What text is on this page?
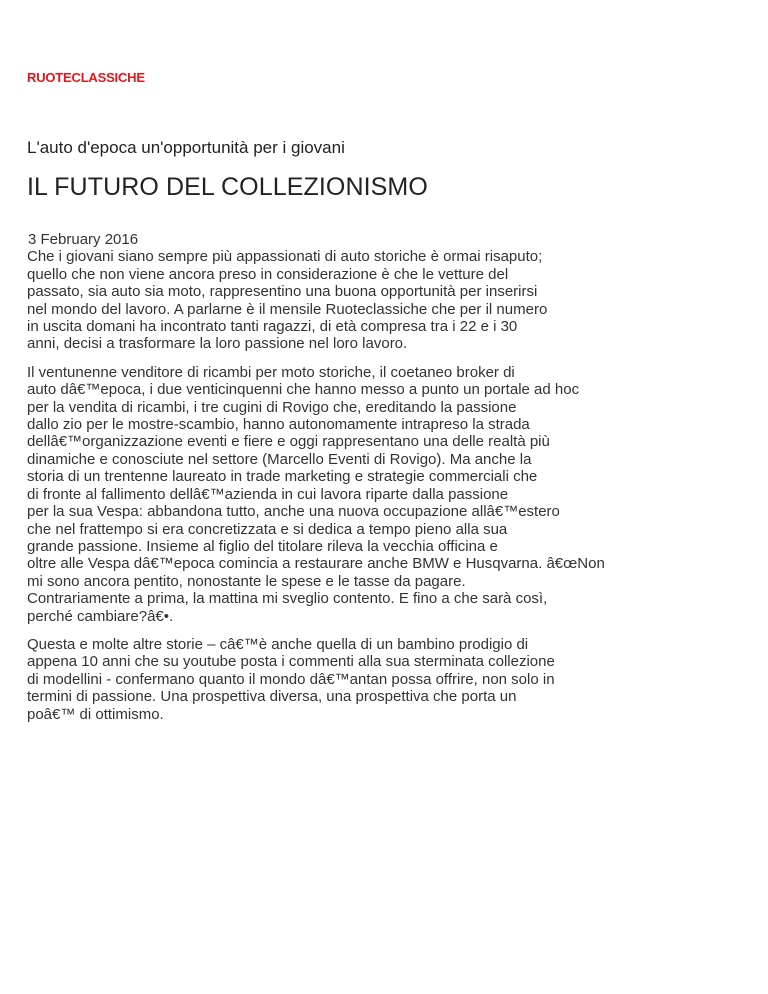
RUOTECLASSICHE
L'auto d'epoca un'opportunità per i giovani
IL FUTURO DEL COLLEZIONISMO

3 February 2016
Che i giovani siano sempre più appassionati di auto storiche è ormai risaputo;
quello che non viene ancora preso in considerazione è che le vetture del
passato, sia auto sia moto, rappresentino una buona opportunità per inserirsi
nel mondo del lavoro. A parlarne è il mensile Ruoteclassiche che per il numero
in uscita domani ha incontrato tanti ragazzi, di età compresa tra i 22 e i 30
anni, decisi a trasformare la loro passione nel loro lavoro.

Il ventunenne venditore di ricambi per moto storiche, il coetaneo broker di
auto dâ€™epoca, i due venticinquenni che hanno messo a punto un portale ad hoc
per la vendita di ricambi, i tre cugini di Rovigo che, ereditando la passione
dallo zio per le mostre-scambio, hanno autonomamente intrapreso la strada
dellâ€™organizzazione eventi e fiere e oggi rappresentano una delle realtà più
dinamiche e conosciute nel settore (Marcello Eventi di Rovigo). Ma anche la
storia di un trentenne laureato in trade marketing e strategie commerciali che
di fronte al fallimento dellâ€™azienda in cui lavora riparte dalla passione
per la sua Vespa: abbandona tutto, anche una nuova occupazione allâ€™estero
che nel frattempo si era concretizzata e si dedica a tempo pieno alla sua
grande passione. Insieme al figlio del titolare rileva la vecchia officina e
oltre alle Vespa dâ€™epoca comincia a restaurare anche BMW e Husqvarna. â€œNon
mi sono ancora pentito, nonostante le spese e le tasse da pagare.
Contrariamente a prima, la mattina mi sveglio contento. E fino a che sarà così,
perché cambiare?â€•.

Questa e molte altre storie – câ€™è anche quella di un bambino prodigio di
appena 10 anni che su youtube posta i commenti alla sua sterminata collezione
di modellini - confermano quanto il mondo dâ€™antan possa offrire, non solo in
termini di passione. Una prospettiva diversa, una prospettiva che porta un
poâ€™ di ottimismo.
